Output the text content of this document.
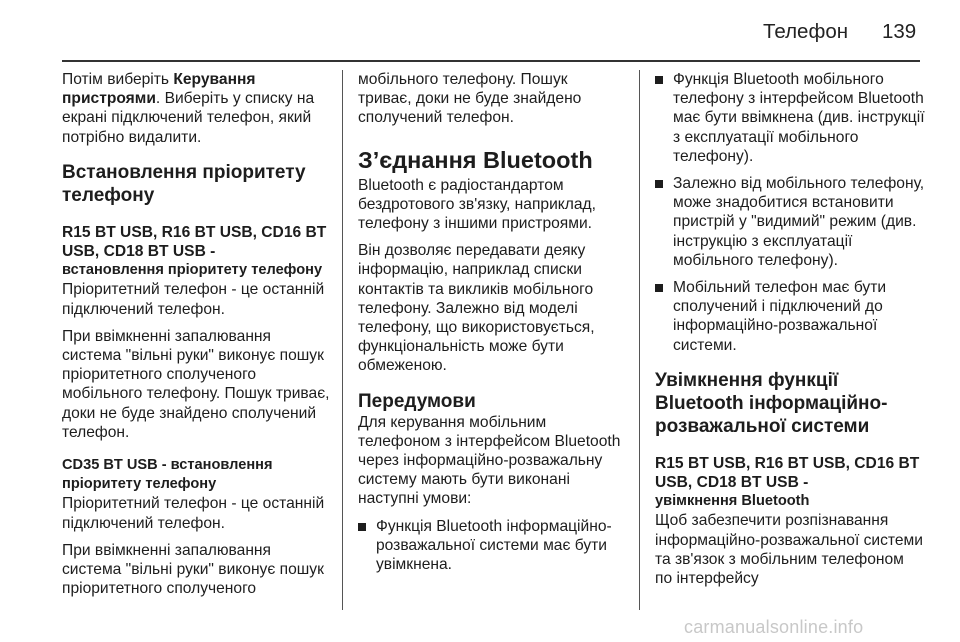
Телефон 139

Потім виберіть Керування пристроями. Виберіть у списку на екрані підключений телефон, який потрібно видалити.

Встановлення пріоритету телефону
R15 BT USB, R16 BT USB, CD16 BT USB, CD18 BT USB -
встановлення пріоритету телефону

Пріоритетний телефон - це останній підключений телефон.

При ввімкненні запалювання система "вільні руки" виконує пошук пріоритетного сполученого мобільного телефону. Пошук триває, доки не буде знайдено сполучений телефон.

CD35 BT USB - встановлення пріоритету телефону

Пріоритетний телефон - це останній підключений телефон.

При ввімкненні запалювання система "вільні руки" виконує пошук пріоритетного сполученого

мобільного телефону. Пошук триває, доки не буде знайдено сполучений телефон.

З’єднання Bluetooth

Bluetooth є радіостандартом бездротового зв'язку, наприклад, телефону з іншими пристроями.

Він дозволяє передавати деяку інформацію, наприклад списки контактів та викликів мобільного телефону. Залежно від моделі телефону, що використовується, функціональність може бути обмеженою.

Передумови

Для керування мобільним телефоном з інтерфейсом Bluetooth через інформаційно-розважальну систему мають бути виконані наступні умови:

Функція Bluetooth інформаційно-розважальної системи має бути увімкнена.
Функція Bluetooth мобільного телефону з інтерфейсом Bluetooth має бути ввімкнена (див. інструкції з експлуатації мобільного телефону).
Залежно від мобільного телефону, може знадобитися встановити пристрій у "видимий" режим (див. інструкцію з експлуатації мобільного телефону).
Мобільний телефон має бути сполучений і підключений до інформаційно-розважальної системи.
Увімкнення функції Bluetooth інформаційно-розважальної системи
R15 BT USB, R16 BT USB, CD16 BT USB, CD18 BT USB -
увімкнення Bluetooth

Щоб забезпечити розпізнавання інформаційно-розважальної системи та зв'язок з мобільним телефоном по інтерфейсу

carmanualsonline.info
